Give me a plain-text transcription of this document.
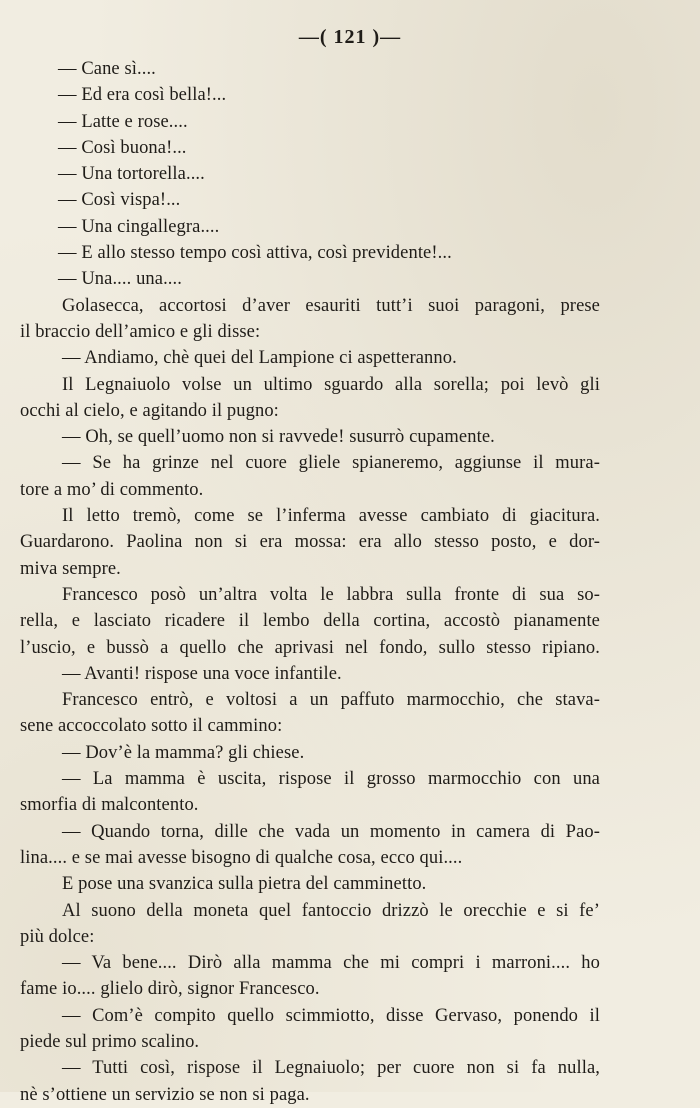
—( 121 )—
— Cane sì....
— Ed era così bella!...
— Latte e rose....
— Così buona!...
— Una tortorella....
— Così vispa!...
— Una cingallegra....
— E allo stesso tempo così attiva, così previdente!...
— Una.... una....
Golasecca, accortosi d’aver esauriti tutt’i suoi paragoni, prese
il braccio dell’amico e gli disse:
— Andiamo, chè quei del Lampione ci aspetteranno.
Il Legnaiuolo volse un ultimo sguardo alla sorella; poi levò gli
occhi al cielo, e agitando il pugno:
— Oh, se quell’uomo non si ravvede! susurrò cupamente.
— Se ha grinze nel cuore gliele spianeremo, aggiunse il mura-
tore a mo’ di commento.
Il letto tremò, come se l’inferma avesse cambiato di giacitura.
Guardarono. Paolina non si era mossa: era allo stesso posto, e dor-
miva sempre.
Francesco posò un’altra volta le labbra sulla fronte di sua so-
rella, e lasciato ricadere il lembo della cortina, accostò pianamente
l’uscio, e bussò a quello che aprivasi nel fondo, sullo stesso ripiano.
— Avanti! rispose una voce infantile.
Francesco entrò, e voltosi a un paffuto marmocchio, che stava-
sene accoccolato sotto il cammino:
— Dov’è la mamma? gli chiese.
— La mamma è uscita, rispose il grosso marmocchio con una
smorfia di malcontento.
— Quando torna, dille che vada un momento in camera di Pao-
lina.... e se mai avesse bisogno di qualche cosa, ecco qui....
E pose una svanzica sulla pietra del camminetto.
Al suono della moneta quel fantoccio drizzò le orecchie e si fe’
più dolce:
— Va bene.... Dirò alla mamma che mi compri i marroni.... ho
fame io.... glielo dirò, signor Francesco.
— Com’è compito quello scimmiotto, disse Gervaso, ponendo il
piede sul primo scalino.
— Tutti così, rispose il Legnaiuolo; per cuore non si fa nulla,
nè s’ottiene un servizio se non si paga.
